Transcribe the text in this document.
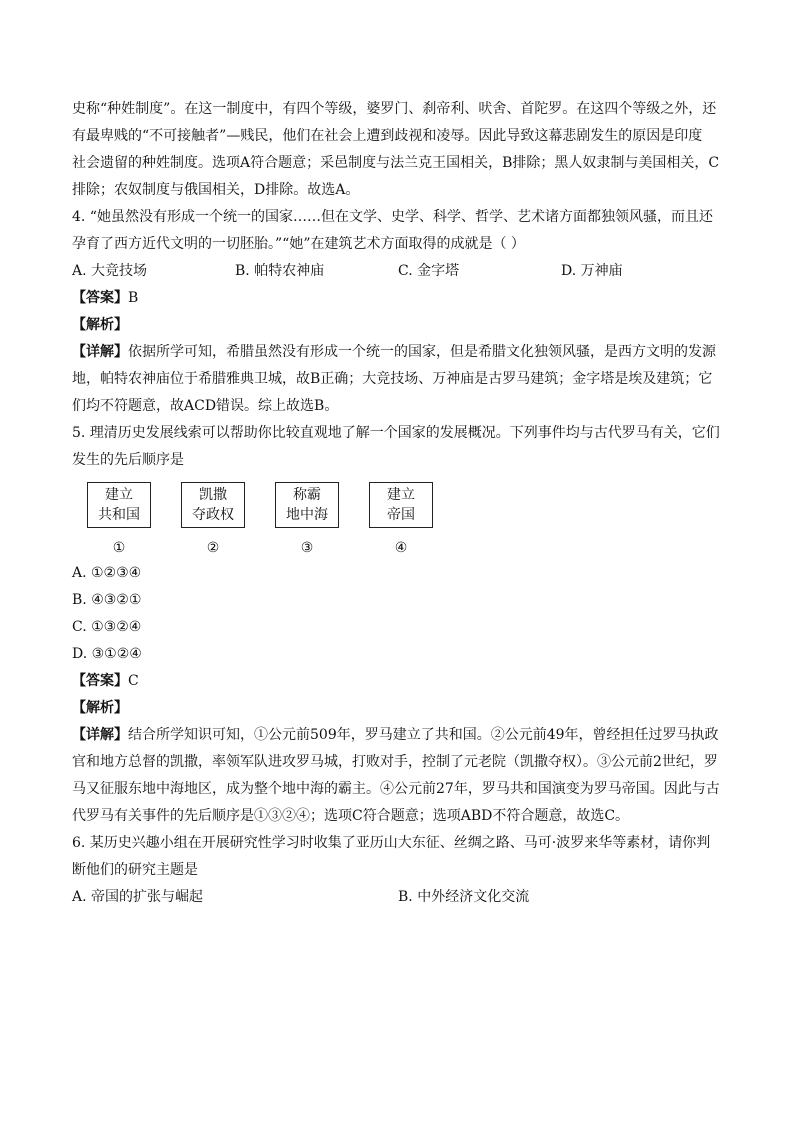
史称“种姓制度”。在这一制度中，有四个等级，婆罗门、刹帝利、吠舍、首陀罗。在这四个等级之外，还

有最卑贱的“不可接触者”—贱民，他们在社会上遭到歧视和凌辱。因此导致这幕悲剧发生的原因是印度

社会遗留的种姓制度。选项A符合题意；采邑制度与法兰克王国相关，B排除；黑人奴隶制与美国相关，C

排除；农奴制度与俄国相关，D排除。故选A。

4. “她虽然没有形成一个统一的国家……但在文学、史学、科学、哲学、艺术诸方面都独领风骚，而且还

孕育了西方近代文明的一切胚胎。”“她”在建筑艺术方面取得的成就是（ ）

A. 大竞技场	B. 帕特农神庙	C. 金字塔	D. 万神庙

【答案】B

【解析】

【详解】依据所学可知，希腊虽然没有形成一个统一的国家，但是希腊文化独领风骚，是西方文明的发源

地，帕特农神庙位于希腊雅典卫城，故B正确；大竞技场、万神庙是古罗马建筑；金字塔是埃及建筑；它

们均不符题意，故ACD错误。综上故选B。

5. 理清历史发展线索可以帮助你比较直观地了解一个国家的发展概况。下列事件均与古代罗马有关，它们

发生的先后顺序是

建立
共和国
①
凯撒
夺政权
②
称霸
地中海
③
建立
帝国
④

A. ①②③④

B. ④③②①

C. ①③②④

D. ③①②④

【答案】C

【解析】

【详解】结合所学知识可知，①公元前509年，罗马建立了共和国。②公元前49年，曾经担任过罗马执政

官和地方总督的凯撒，率领军队进攻罗马城，打败对手，控制了元老院（凯撒夺权）。③公元前2世纪，罗

马又征服东地中海地区，成为整个地中海的霸主。④公元前27年，罗马共和国演变为罗马帝国。因此与古

代罗马有关事件的先后顺序是①③②④；选项C符合题意；选项ABD不符合题意，故选C。

6. 某历史兴趣小组在开展研究性学习时收集了亚历山大东征、丝绸之路、马可·波罗来华等素材，请你判

断他们的研究主题是

A. 帝国的扩张与崛起	B. 中外经济文化交流
